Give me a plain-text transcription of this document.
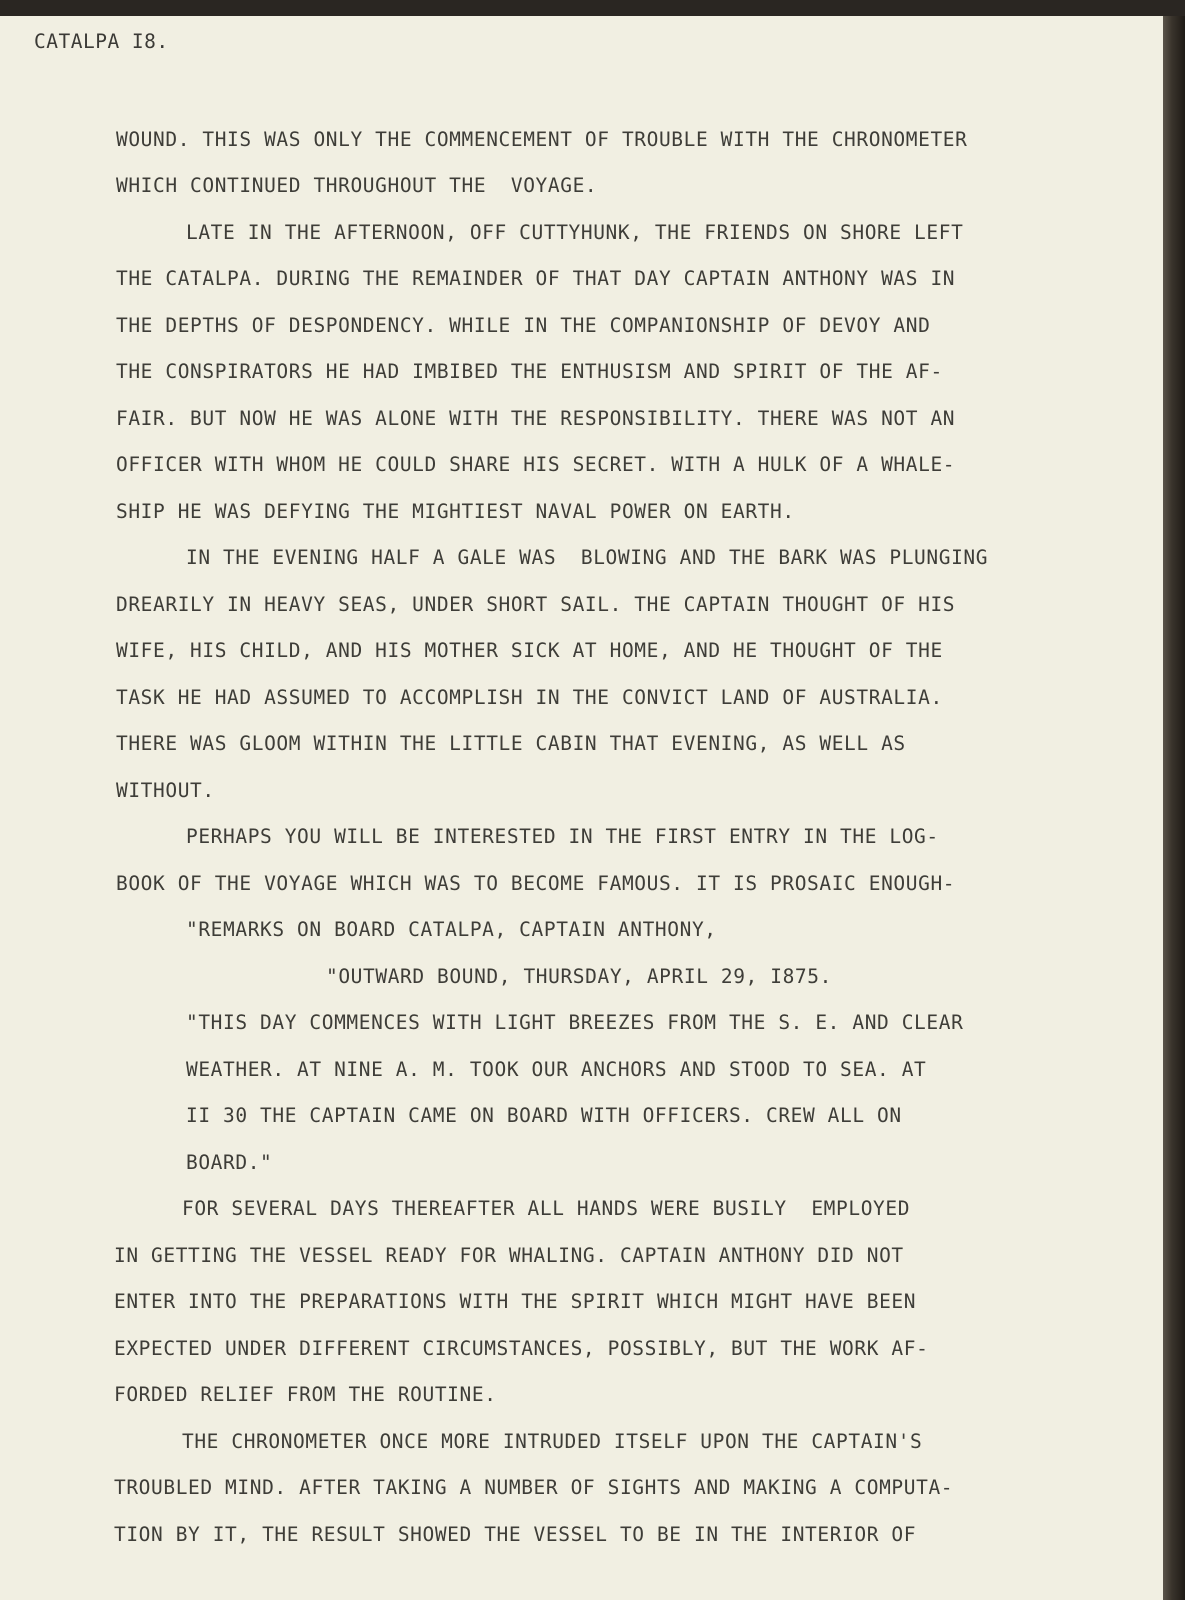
CATALPA I8.
WOUND. THIS WAS ONLY THE COMMENCEMENT OF TROUBLE WITH THE CHRONOMETER
WHICH CONTINUED THROUGHOUT THE  VOYAGE.
LATE IN THE AFTERNOON, OFF CUTTYHUNK, THE FRIENDS ON SHORE LEFT
THE CATALPA. DURING THE REMAINDER OF THAT DAY CAPTAIN ANTHONY WAS IN
THE DEPTHS OF DESPONDENCY. WHILE IN THE COMPANIONSHIP OF DEVOY AND
THE CONSPIRATORS HE HAD IMBIBED THE ENTHUSISM AND SPIRIT OF THE AF-
FAIR. BUT NOW HE WAS ALONE WITH THE RESPONSIBILITY. THERE WAS NOT AN
OFFICER WITH WHOM HE COULD SHARE HIS SECRET. WITH A HULK OF A WHALE-
SHIP HE WAS DEFYING THE MIGHTIEST NAVAL POWER ON EARTH.
IN THE EVENING HALF A GALE WAS  BLOWING AND THE BARK WAS PLUNGING
DREARILY IN HEAVY SEAS, UNDER SHORT SAIL. THE CAPTAIN THOUGHT OF HIS
WIFE, HIS CHILD, AND HIS MOTHER SICK AT HOME, AND HE THOUGHT OF THE
TASK HE HAD ASSUMED TO ACCOMPLISH IN THE CONVICT LAND OF AUSTRALIA.
THERE WAS GLOOM WITHIN THE LITTLE CABIN THAT EVENING, AS WELL AS
WITHOUT.
PERHAPS YOU WILL BE INTERESTED IN THE FIRST ENTRY IN THE LOG-
BOOK OF THE VOYAGE WHICH WAS TO BECOME FAMOUS. IT IS PROSAIC ENOUGH-
"REMARKS ON BOARD CATALPA, CAPTAIN ANTHONY,
"OUTWARD BOUND, THURSDAY, APRIL 29, I875.
"THIS DAY COMMENCES WITH LIGHT BREEZES FROM THE S. E. AND CLEAR
WEATHER. AT NINE A. M. TOOK OUR ANCHORS AND STOOD TO SEA. AT
II 30 THE CAPTAIN CAME ON BOARD WITH OFFICERS. CREW ALL ON
BOARD."
FOR SEVERAL DAYS THEREAFTER ALL HANDS WERE BUSILY  EMPLOYED
IN GETTING THE VESSEL READY FOR WHALING. CAPTAIN ANTHONY DID NOT
ENTER INTO THE PREPARATIONS WITH THE SPIRIT WHICH MIGHT HAVE BEEN
EXPECTED UNDER DIFFERENT CIRCUMSTANCES, POSSIBLY, BUT THE WORK AF-
FORDED RELIEF FROM THE ROUTINE.
THE CHRONOMETER ONCE MORE INTRUDED ITSELF UPON THE CAPTAIN'S
TROUBLED MIND. AFTER TAKING A NUMBER OF SIGHTS AND MAKING A COMPUTA-
TION BY IT, THE RESULT SHOWED THE VESSEL TO BE IN THE INTERIOR OF
